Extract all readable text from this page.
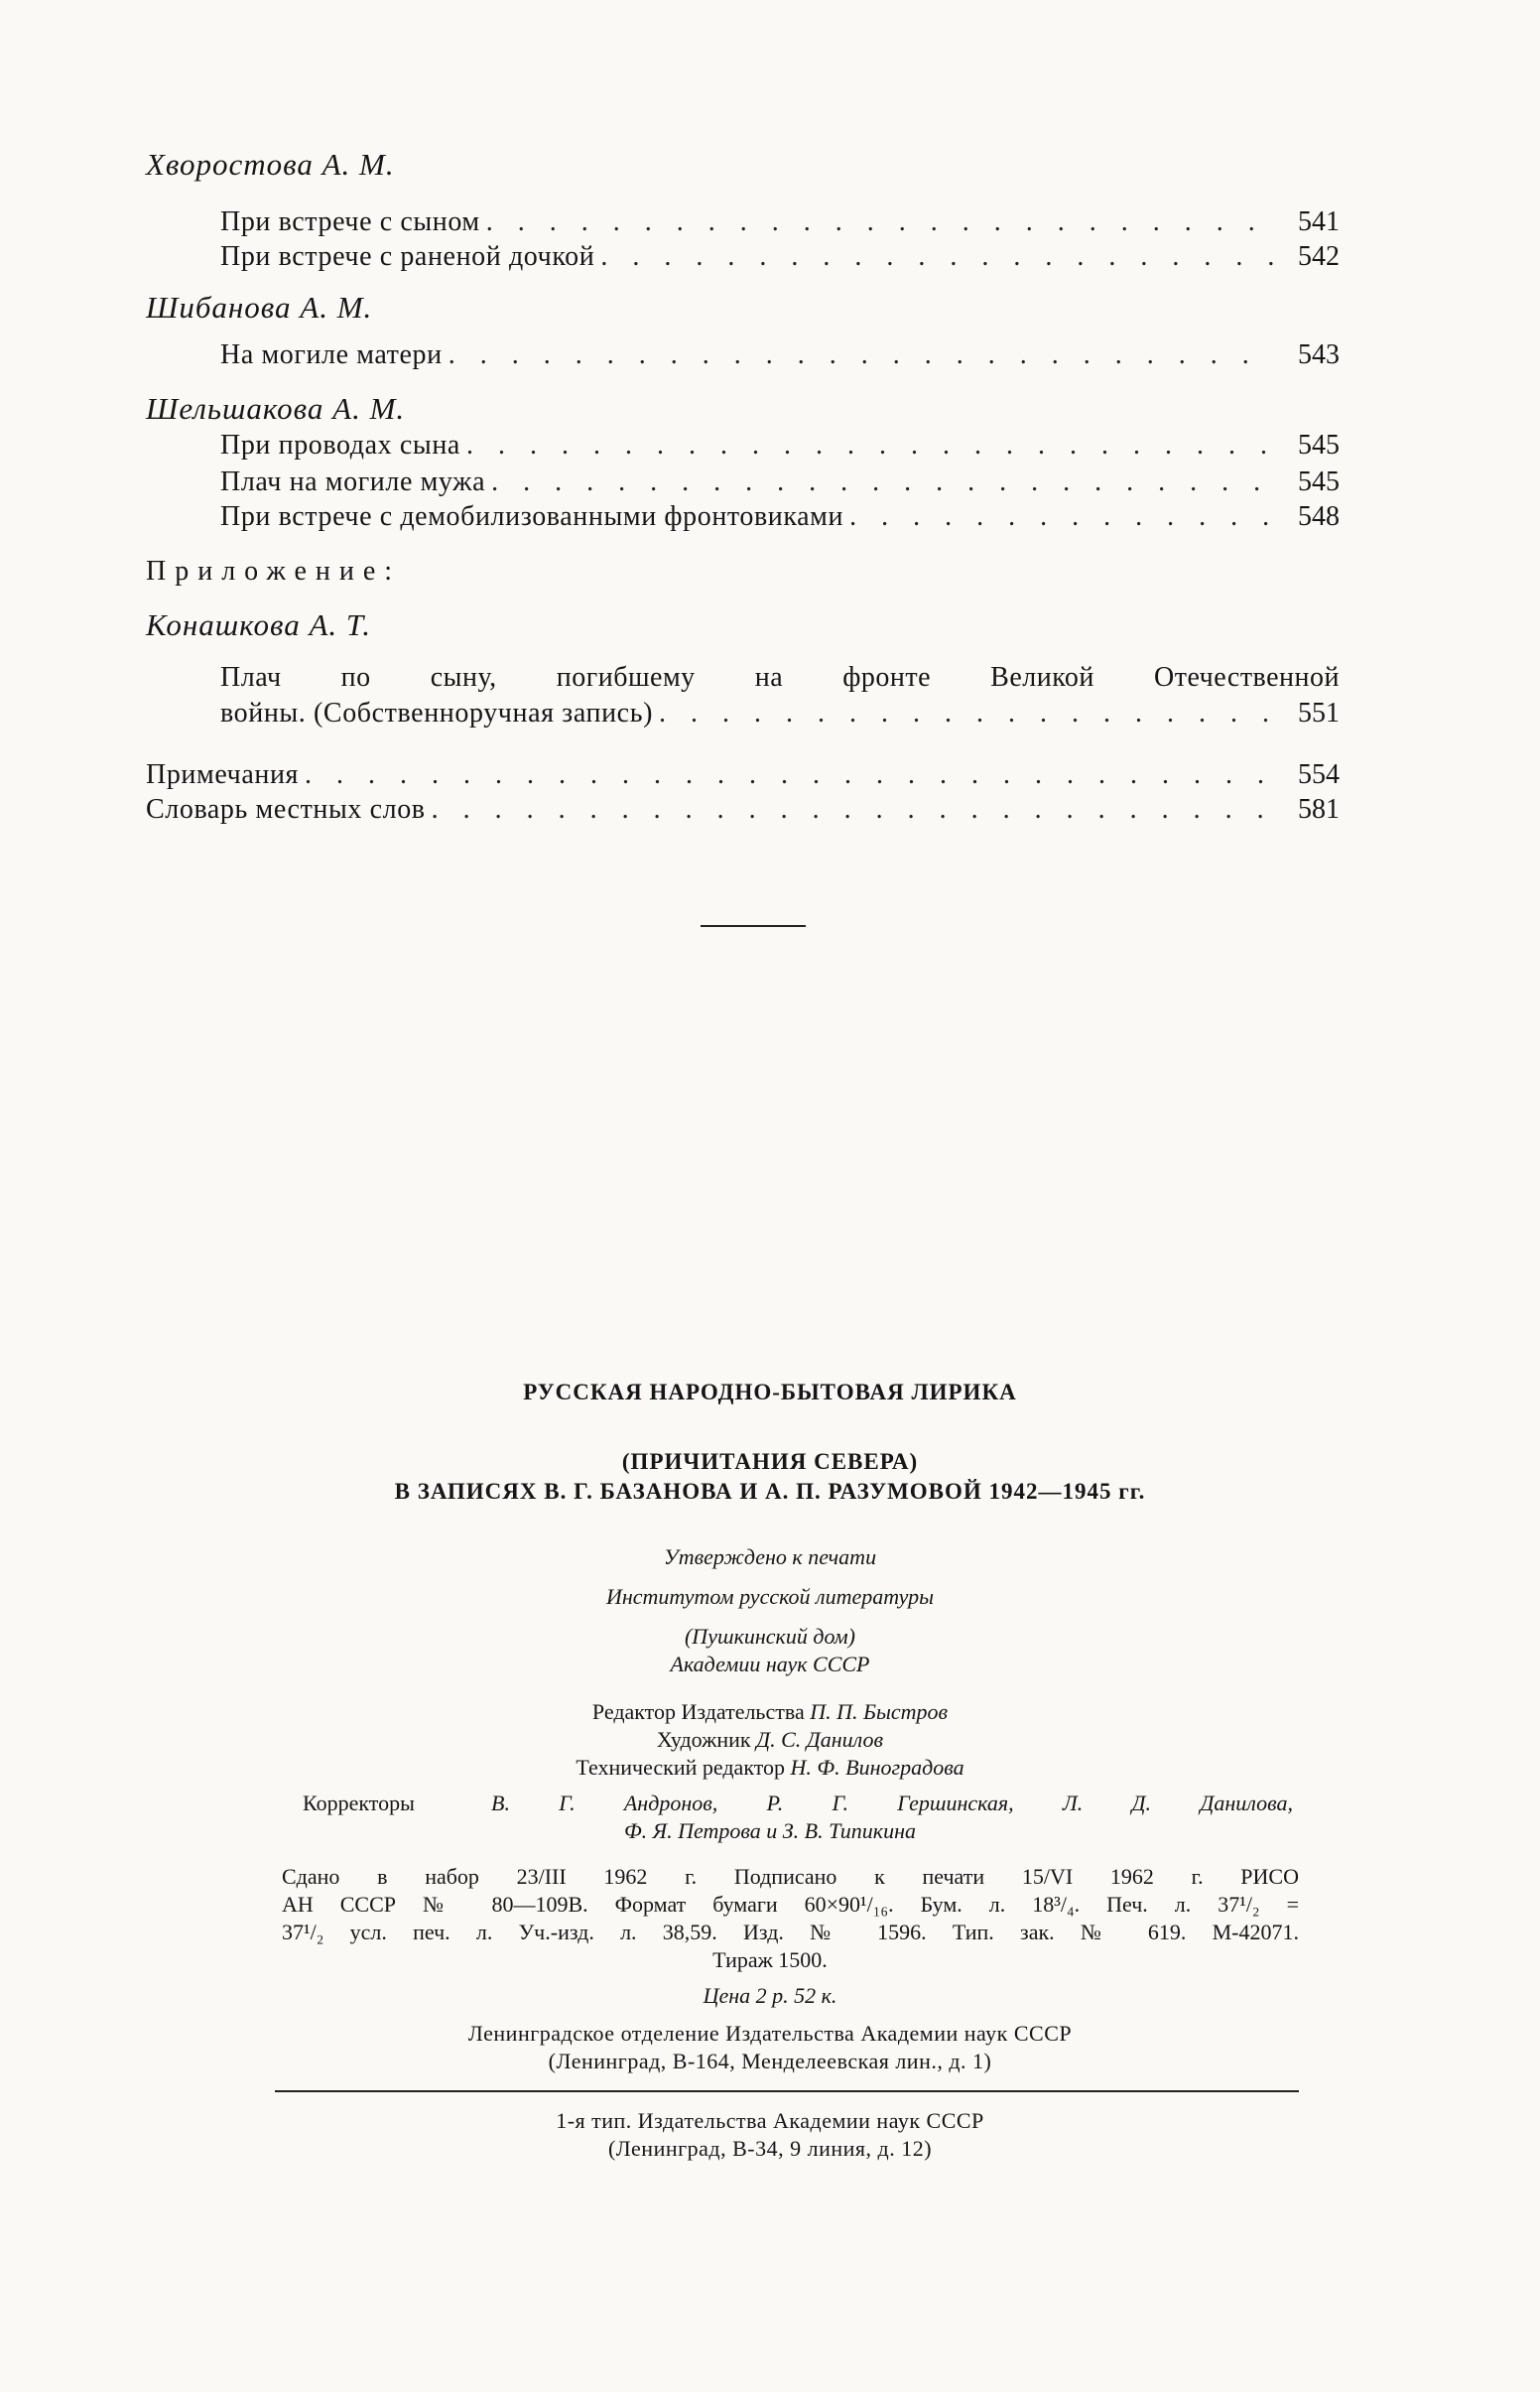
Хворостова А. М.
При встрече с сыном . . .	541
При встрече с раненой дочкой . . .	542
Шибанова А. М.
На могиле матери . . .	543
Шельшакова А. М.
При проводах сына . . .	545
Плач на могиле мужа . . .	545
При встрече с демобилизованными фронтовиками . . .	548
Приложение:
Конашкова А. Т.
Плач по сыну, погибшему на фронте Великой Отечественной
войны. (Собственноручная запись) . . .	551
Примечания . . .	554
Словарь местных слов . . .	581
РУССКАЯ НАРОДНО-БЫТОВАЯ ЛИРИКА
(ПРИЧИТАНИЯ СЕВЕРА)
В ЗАПИСЯХ В. Г. БАЗАНОВА И А. П. РАЗУМОВОЙ 1942—1945 гг.
Утверждено к печати
Институтом русской литературы
(Пушкинский дом)
Академии наук СССР
Редактор Издательства П. П. Быстров
Художник Д. С. Данилов
Технический редактор Н. Ф. Виноградова
Корректоры	В. Г. Андронов, Р. Г. Гершинская, Л. Д. Данилова,
Ф. Я. Петрова и З. В. Типикина
Сдано в набор 23/III 1962 г. Подписано к печати 15/VI 1962 г. РИСО
АН СССР № 80—109В. Формат бумаги 60×90¹/₁₆. Бум. л. 18³/₄. Печ. л. 37¹/₂ =
37¹/₂ усл. печ. л. Уч.-изд. л. 38,59. Изд. № 1596. Тип. зак. № 619. М-42071.
Тираж 1500.
Цена 2 р. 52 к.
Ленинградское отделение Издательства Академии наук СССР
(Ленинград, В-164, Менделеевская лин., д. 1)
1-я тип. Издательства Академии наук СССР
(Ленинград, В-34, 9 линия, д. 12)
